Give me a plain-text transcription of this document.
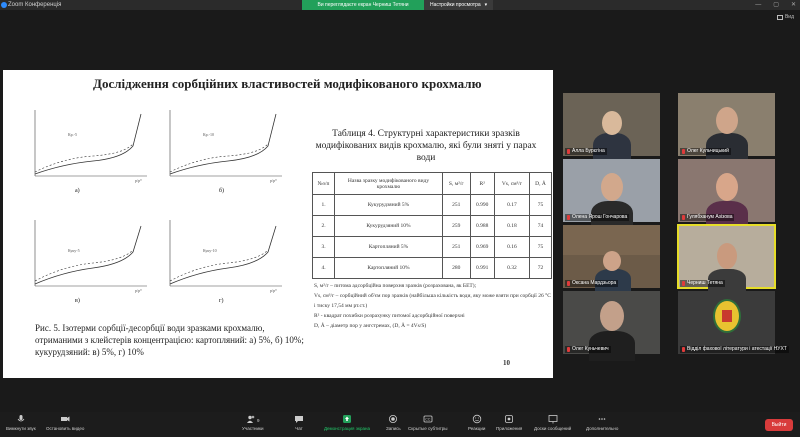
Zoom Конференція	Ви переглядаєте екран Черниш Тетяни	Настройки просмотра ▾	— ▢ ✕
Вид
Дослідження сорбційних властивостей модифікованого крохмалю
Кр.-5
p/p⁰
а)
Кр.-10
p/p⁰
б)
Куку-5
p/p⁰
в)
Куку-10
p/p⁰
г)
Рис. 5. Ізотерми сорбції-десорбції води зразками крохмалю, отриманими з клейстерів концентрацією: картопляний: а) 5%, б) 10%; кукурудзяний: в) 5%, г) 10%
Таблиця 4. Структурні характеристики зразків модифікованих видів крохмалю, які були зняті у парах води
№з/п	Назва зразку модифікованого виду крохмалю	S, м²/г	R²	Vs, см³/г	D, Å
1.	Кукурудзяний 5%	251	0.990	0.17	75
2.	Кукурудзяний 10%	259	0.988	0.18	74
3.	Картопляний 5%	251	0.969	0.16	75
4.	Картопляний 10%	280	0.991	0.32	72
S, м²/г – питома адсорбційна поверхня зразків (розрахована, як БЕТ);
Vs, см³/г – сорбційний об'єм пор зразків (найбільша кількість води, яку може взяти при сорбції 26 °С і тиску 17,54 мм рт.ст.)
R² - квадрат похибки розрахунку питомої адсорбційної поверхні
D, Å – діаметр пор у ангстремах, (D, Å = 4Vs/S)
10
Алла Бурєгіна	Олег Кульчицький
Олена Ярош Гончарова	Гулябханум Азізова
Оксана Мардзьора	Черниш Тетяна
Олег Куньчевич	Відділ фахової літератури і атестації НУХТ
Вимкнути звук Остановить видео
9
Участники	Чат	Демонстрация экрана	Запись
CC
Скрытые субтитры	Реакции Приложения	Доски сообщений	Дополнительно
Выйти
